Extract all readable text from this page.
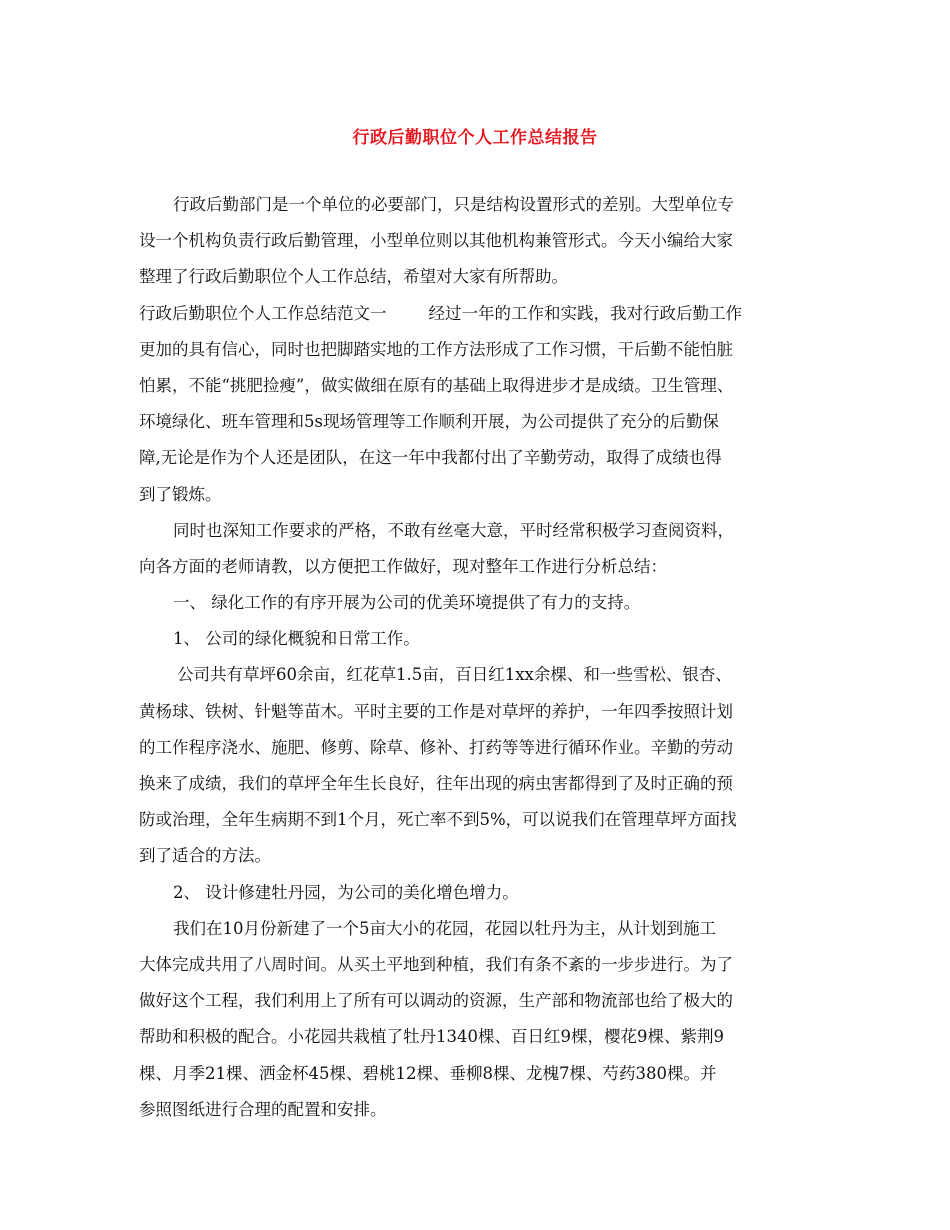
行政后勤职位个人工作总结报告
行政后勤部门是一个单位的必要部门，只是结构设置形式的差别。大型单位专
设一个机构负责行政后勤管理，小型单位则以其他机构兼管形式。今天小编给大家
整理了行政后勤职位个人工作总结，希望对大家有所帮助。
行政后勤职位个人工作总结范文一	经过一年的工作和实践，我对行政后勤工作
更加的具有信心，同时也把脚踏实地的工作方法形成了工作习惯，干后勤不能怕脏
怕累，不能“挑肥捡瘦”，做实做细在原有的基础上取得进步才是成绩。卫生管理、
环境绿化、班车管理和5s现场管理等工作顺利开展，为公司提供了充分的后勤保
障,无论是作为个人还是团队，在这一年中我都付出了辛勤劳动，取得了成绩也得
到了锻炼。
同时也深知工作要求的严格，不敢有丝毫大意，平时经常积极学习查阅资料，
向各方面的老师请教，以方便把工作做好，现对整年工作进行分析总结：
一、 绿化工作的有序开展为公司的优美环境提供了有力的支持。
1、 公司的绿化概貌和日常工作。
公司共有草坪60余亩，红花草1.5亩，百日红1xx余棵、和一些雪松、银杏、
黄杨球、铁树、针魁等苗木。平时主要的工作是对草坪的养护，一年四季按照计划
的工作程序浇水、施肥、修剪、除草、修补、打药等等进行循环作业。辛勤的劳动
换来了成绩，我们的草坪全年生长良好，往年出现的病虫害都得到了及时正确的预
防或治理，全年生病期不到1个月，死亡率不到5%，可以说我们在管理草坪方面找
到了适合的方法。
2、 设计修建牡丹园，为公司的美化增色增力。
我们在10月份新建了一个5亩大小的花园，花园以牡丹为主，从计划到施工
大体完成共用了八周时间。从买土平地到种植，我们有条不紊的一步步进行。为了
做好这个工程，我们利用上了所有可以调动的资源，生产部和物流部也给了极大的
帮助和积极的配合。小花园共栽植了牡丹1340棵、百日红9棵，樱花9棵、紫荆9
棵、月季21棵、洒金杯45棵、碧桃12棵、垂柳8棵、龙槐7棵、芍药380棵。并
参照图纸进行合理的配置和安排。
